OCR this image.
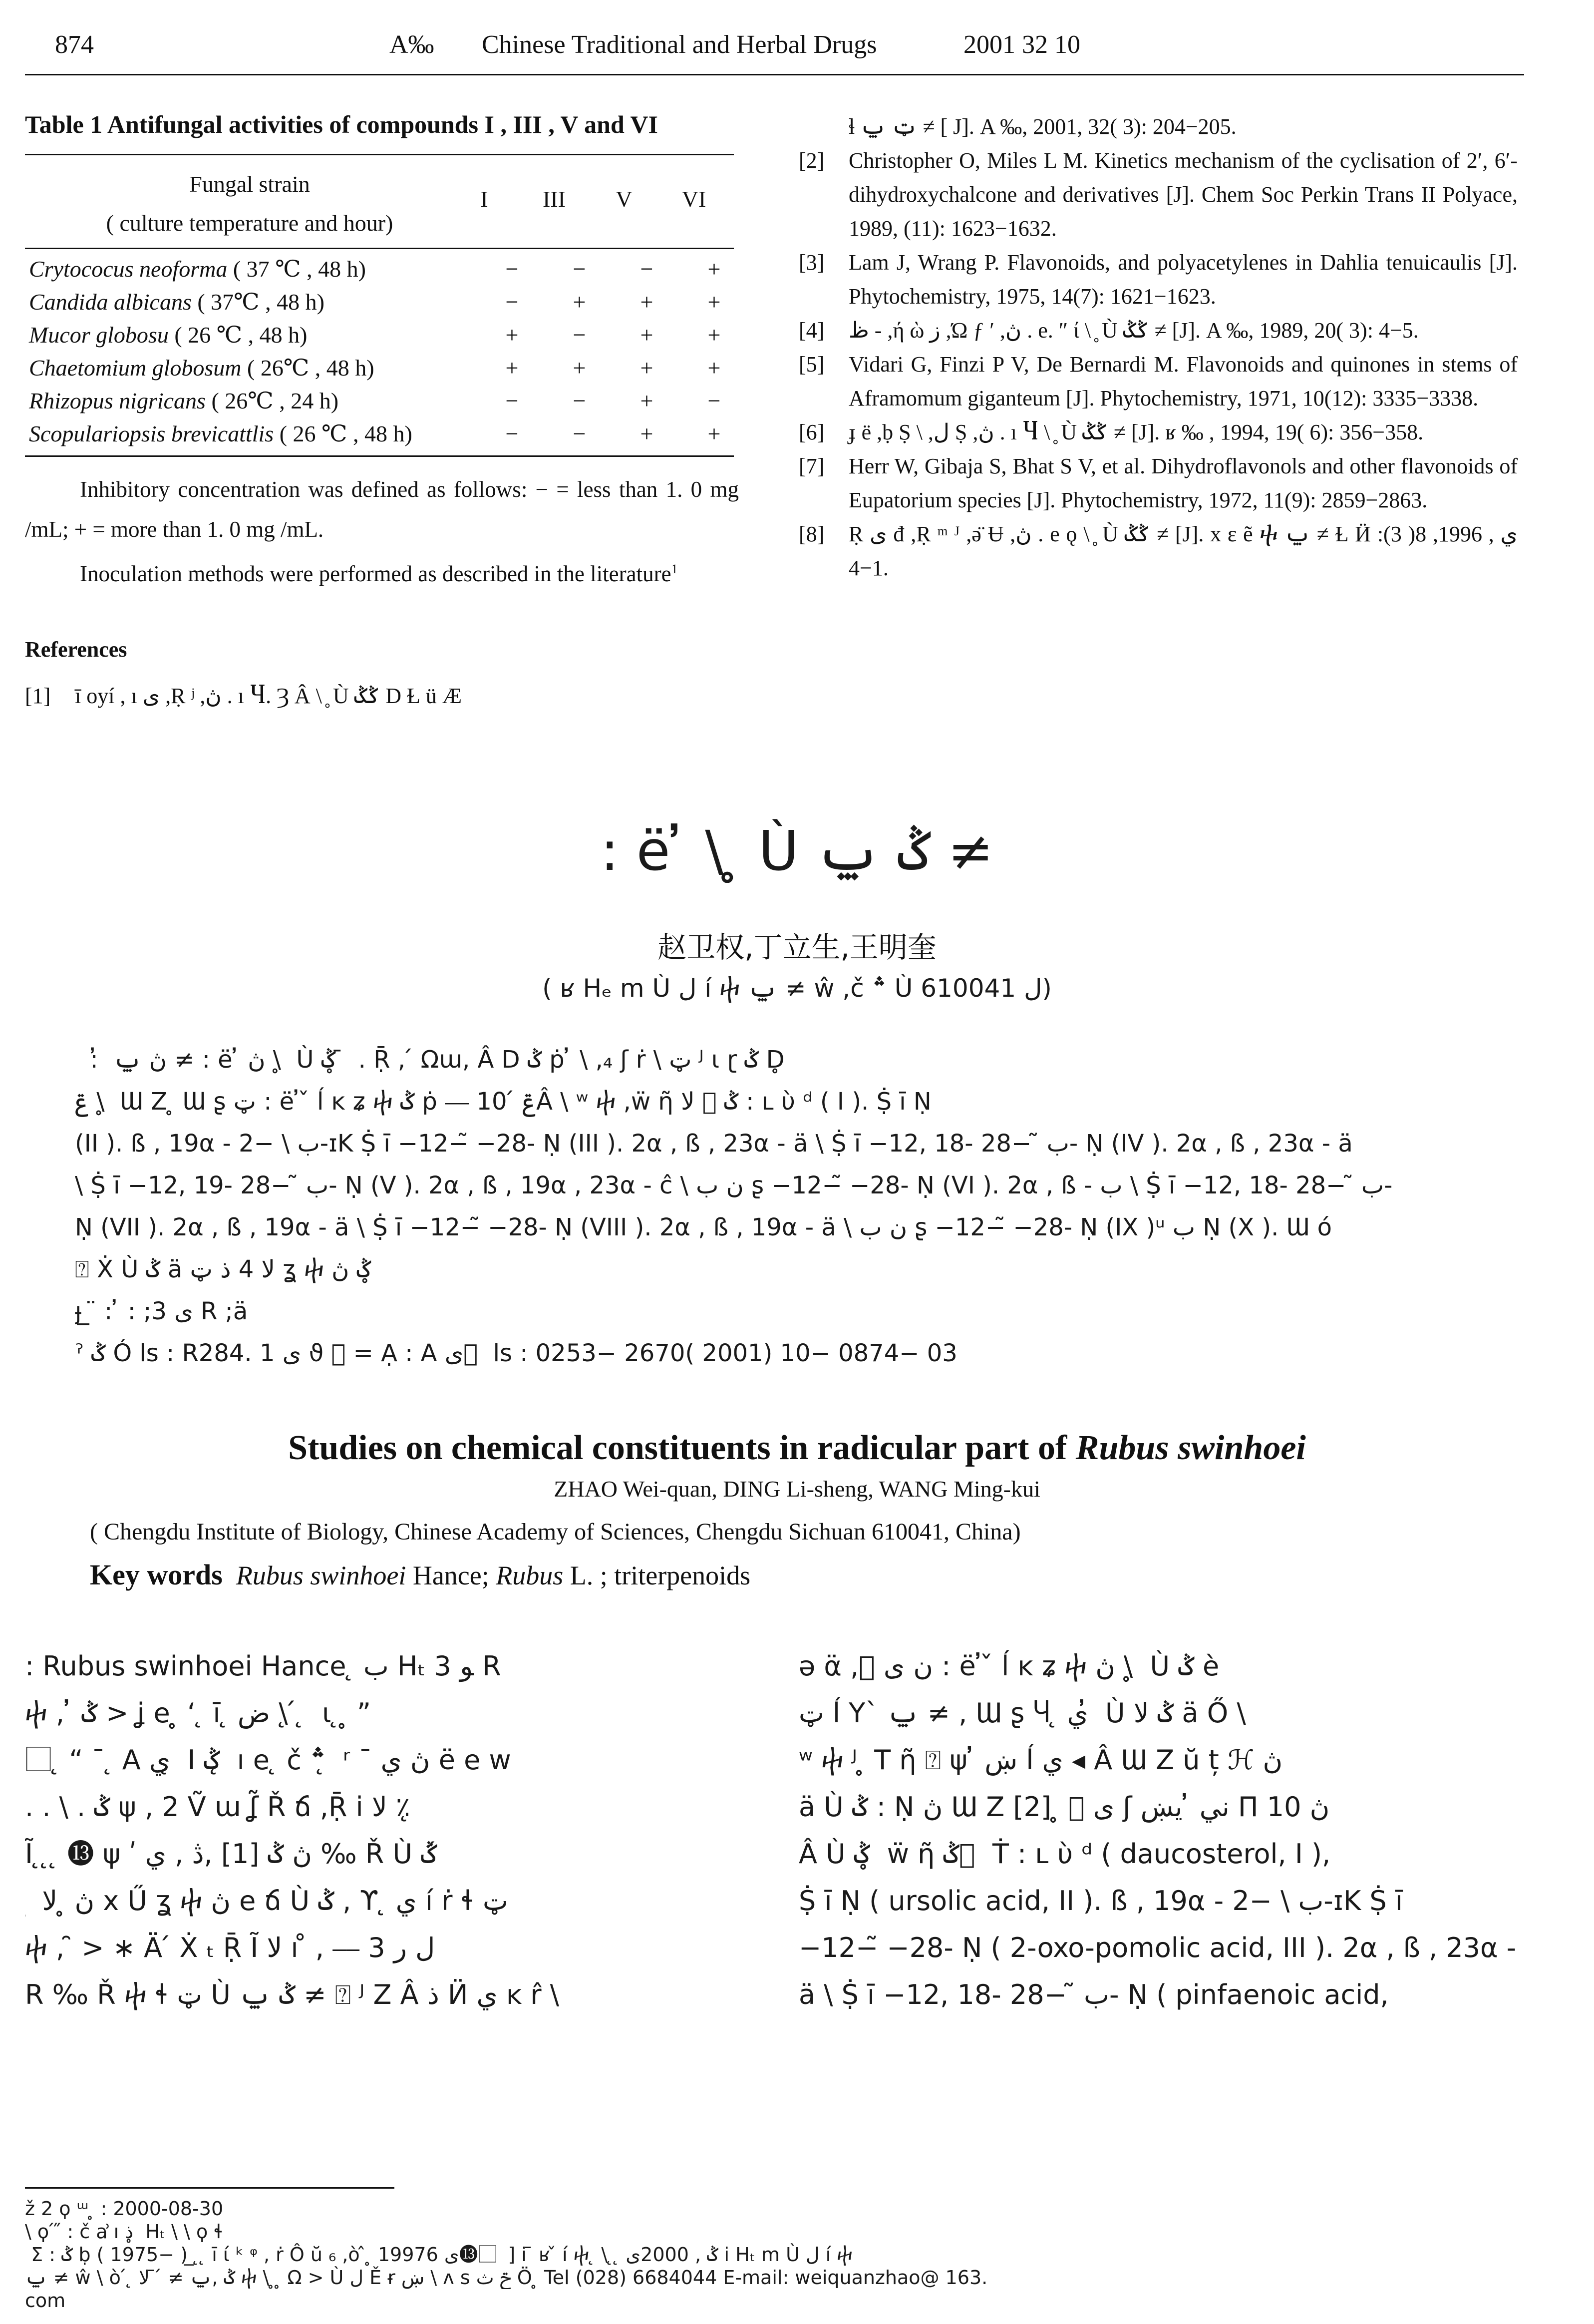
874	A‰ Chinese Traditional and Herbal Drugs	2001 32 10
Table 1 Antifungal activities of compounds I , III , V and VI
Fungal strain
( culture temperature and hour)
I	III	V	VI
Crytococus neoforma ( 37 ℃ , 48 h)	−	−	−	+
Candida albicans ( 37℃ , 48 h)	−	+	+	+
Mucor globosu ( 26 ℃ , 48 h)	+	−	+	+
Chaetomium globosum ( 26℃ , 48 h)	+	+	+	+
Rhizopus nigricans ( 26℃ , 24 h)	−	−	+	−
Scopulariopsis brevicattlis ( 26 ℃ , 48 h)	−	−	+	+
Inhibitory concentration was defined as follows: − = less than 1. 0 mg /mL; + = more than 1. 0 mg /mL.
Inoculation methods were performed as described in the literature$^1$
References
[1] ī oyí , ı ى ,Ṛ ʲ ,ڽ . ı Ⴗ. Ȝ Â \ ̥ Ù ݣݣ D Ɫ ü Æ
ɬ ټ ݐ ≠ [ J]. A ‰, 2001, 32( 3): 204−205.
[2] Christopher O, Miles L M. Kinetics mechanism of the cyclisation of 2′, 6′-dihydroxychalcone and derivatives [J]. Chem Soc Perkin Trans II Polyace, 1989, (11): 1623−1632.
[3] Lam J, Wrang P. Flavonoids, and polyacetylenes in Dahlia tenuicaulis [J]. Phytochemistry, 1975, 14(7): 1621−1623.
[4] ظ - ,ή ὼ ز ,Ώ ƒ ′ ,ڽ . e. ″ ί \ ̥ Ù ݣݣ ≠ [J]. A ‰, 1989, 20( 3): 4−5.
[5] Vidari G, Finzi P V, De Bernardi M. Flavonoids and quinones in stems of Aframomum giganteum [J]. Phytochemistry, 1971, 10(12): 3335−3338.
[6] ɟ ё ,ḅ Ṣ \ ,ل Ṣ ,ڽ . ı Ⴗ \ ̥ Ù ݣݣ ≠ [J]. ʁ ‰ , 1994, 19( 6): 356−358.
[7] Herr W, Gibaja S, Bhat S V, et al. Dihydroflavonols and other flavonoids of Eupatorium species [J]. Phytochemistry, 1972, 11(9): 2859−2863.
[8] Ṛ ى đ ,Ṛ ᵐ ᴶ ,ə̈ Ʉ ,ڽ . e ǫ \ ̥ Ù ݣݣ ≠ [J]. x ε ẽ ⴕ ݐ ≠ Ɫ Ӥ ي , 1996, 8( 3): 1−4.
: ë ̓ \ ̥ Ù ݣ ݐ ≠
赵卫权,丁立生,王明奎
( ʁ Hₑ m Ù ل í ⴕ ݐ ≠ ŵ ,č ؞ Ù ل 610041)
̋ ̓ : ̓ ڽ ݐ ≠ : ë ̓ ڽ \ ̥ Ù ݣ ̥ ̄ . Ṝ , ́ Ωɯ, Â D ݣ ṗ ̓ \ ,₄ ʃ ṙ \ ټ ᴶ ɩ ɽ ݣ D̥
ݝ \ ̥ Ɯ Ζ ̥ Ɯ ʂ ټ : ë ̓ ̌ ĺ ĸ ʑ ⴕ ݣ ṗ ⎯⎯ ݝ ́ 10Â \ ʷ ⴕ ,ẅ ῆ ݣ ⃞ ﻻ : ʟ ὺ ᵈ ( I ). Ṩ ī Ṇ
(II ). ß , 19α - ب \ −2-ɪΚ Ṩ ī −12−̃ −28- Ṇ (III ). 2α , ß , 23α - ä \ Ṩ ī −12, 18- ب ̃ −28- Ṇ (IV ). 2α , ß , 23α - ä
\ Ṩ ī −12, 19- ب ̃ −28- Ṇ (V ). 2α , ß , 19α , 23α - ĉ \ ن ب ʂ −12−̃ −28- Ṇ (VI ). 2α , ß - ب \ Ṩ ī −12, 18- ب ̃ −28-
Ṇ (VII ). 2α , ß , 19α - ä \ Ṩ ī −12−̃ −28- Ṇ (VIII ). 2α , ß , 19α - ä \ ن ب ʂ −12−̃ −28- Ṇ (IX )ᵘ ب Ṇ (X ). Ɯ ó
⍰ Ẋ Ù ݣ ä ﻻ 4 ذ ټ ʓ ⴕ ݣ ڽ ̥
ɟ ̲ ̈ : ̓ : ;ى 3 R ;ä
ˀ ݣ Ó ls : R284. 1 ى ϑ ⃞ = Ạ : A ى ⃞ ls : 0253− 2670( 2001) 10− 0874− 03
Studies on chemical constituents in radicular part of Rubus swinhoei
ZHAO Wei-quan, DING Li-sheng, WANG Ming-kui
( Chengdu Institute of Biology, Chinese Academy of Sciences, Chengdu Sichuan 610041, China)
Key words Rubus swinhoei Hance; Rubus L. ; triterpenoids
: Rubus swinhoei Hance ̨ ب Hₜ ﻮ 3 R
ⴕ , ̓ ݣ > ʝ e ̥ ʻ ̨ ī ̨ ض \ ̨ ́ ̨ ι ̨ ̥ ”
⃞ ̨ “ ¯ ̨ A ي ̨ I ݣ ̨ ı e ̨ č ؞ ̨ ʳ ¯ ڽ ي ë e w
. . \ . ݣ ψ , 2 Ṽ ɯ ʆ̃ Ř ճ ,Ṝ i ﻻ ٪ ̨
Ĩ ̨ ̨ ̨ ⓭ ψ ʹ ڽ ݣ [1] ,ڎ , ي ‰ Ř Ù ݣ ́
̲ ́ ڽ ̥ ﻻ x Ű ʓ ⴕ ڽ e ճ Ù ݣ , ϒ ̨ ي í ṙ ɬ ټ
ⴕ , ̑ > ∗ Ä ́ Ẋ ₜ Ṝ Ĩ ﻻ ı ̊ , ⎯⎯ ل ر 3
R ‰ Ř ⴕ ɬ ټ Ù ݣ ݐ ≠ ⍰ ᴶ Ζ Â ذ Ӥ ي ĸ r̂ \
ə α̈ ,⃞ ن ى : ë ̓ ̌ ĺ ĸ ʑ ⴕ ڽ \ ̥ Ù ݣ è
ټ ĺ Y` ݐ ≠ , Ɯ ʂ Ⴗ ̨ ي ̓ Ù ݣ ﻻ ä Ő \
ʷ ⴕ ᴶ ̥ T ῆ ⍰ ψ ̓ ښ ĺ ي ◂ Â Ɯ Ζ ŭ ț ℋ ڽ
ä Ù ݣ : Ṇ ڽ Ɯ Ζ [2] ̥ ⃞ ى ʃ ني ̓ يښ П ڽ 10
Â Ù ݣ ̥ ẅ ῆ ݣ ⃞ Ṫ : ʟ ὺ ᵈ ( daucosterol, I ),
Ṩ ī Ṇ ( ursolic acid, II ). ß , 19α - ب \ −2-ɪΚ Ṩ ī
−12−̃ −28- Ṇ ( 2-oxo-pomolic acid, III ). 2α , ß , 23α -
ä \ Ṩ ī −12, 18- ب ̃ −28- Ṇ ( pinfaenoic acid,
ž 2 ϙ ᵚ ̥ : 2000-08-30
\ ϙ ́ ̋ : č ẚ ı ذ ̥ Hₜ \ \ ϙ ɬ
̨ Σ : ݣ ḅ ( 1975− ) ̲ ̨ ̨ ī ί ᵏ ᵠ , ṙ Ô ŭ ₆ ,ὸ ̂ ̥ 1997ى 6⓭ ⃞ ] i ̄ ʁ ̌ í ⴕ ̨ \ ̨ ̨ ݣ , 2000ى i Hₜ m Ù ل í ⴕ
ݐ ≠ ŵ \ ὸ ́ ̨ ݣ ,ݐ ≠ ́ ̄ ﻻ ⴕ \ ̥ ̥ Ω > Ù ل Ě ɍ ښ \ ʌ s ݗ ث Ö ̥ Tel (028) 6684044 E-mail: weiquanzhao@ 163.
com
